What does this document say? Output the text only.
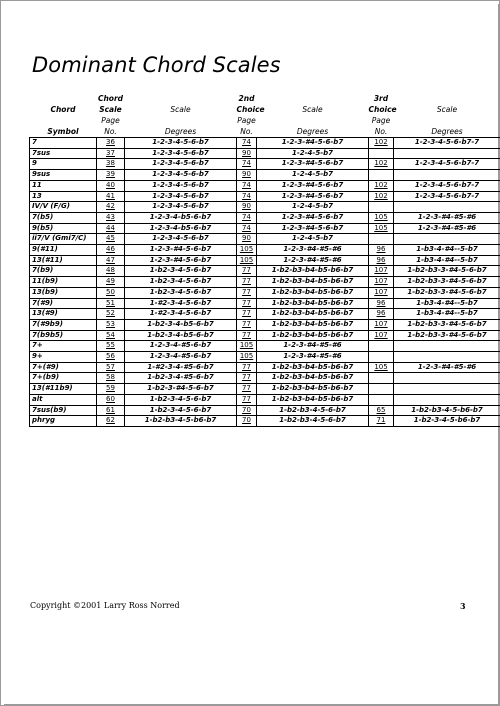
Dominant Chord Scales
	Chord		2nd		3rd	
Chord	Scale	Scale	Choice	Scale	Choice	Scale
Symbol	Page No.	Degrees	Page No.	Degrees	Page No.	Degrees
7	36	1-2-3-4-5-6-b7	74	1-2-3-#4-5-6-b7	102	1-2-3-4-5-6-b7-7
7sus	37	1-2-3-4-5-6-b7	90	1-2-4-5-b7		
9	38	1-2-3-4-5-6-b7	74	1-2-3-#4-5-6-b7	102	1-2-3-4-5-6-b7-7
9sus	39	1-2-3-4-5-6-b7	90	1-2-4-5-b7		
11	40	1-2-3-4-5-6-b7	74	1-2-3-#4-5-6-b7	102	1-2-3-4-5-6-b7-7
13	41	1-2-3-4-5-6-b7	74	1-2-3-#4-5-6-b7	102	1-2-3-4-5-6-b7-7
IV/V (F/G)	42	1-2-3-4-5-6-b7	90	1-2-4-5-b7		
7(b5)	43	1-2-3-4-b5-6-b7	74	1-2-3-#4-5-6-b7	105	1-2-3-#4-#5-#6
9(b5)	44	1-2-3-4-b5-6-b7	74	1-2-3-#4-5-6-b7	105	1-2-3-#4-#5-#6
ii7/V (Gmi7/C)	45	1-2-3-4-5-6-b7	90	1-2-4-5-b7		
9(#11)	46	1-2-3-#4-5-6-b7	105	1-2-3-#4-#5-#6	96	1-b3-4-#4--5-b7
13(#11)	47	1-2-3-#4-5-6-b7	105	1-2-3-#4-#5-#6	96	1-b3-4-#4--5-b7
7(b9)	48	1-b2-3-4-5-6-b7	77	1-b2-b3-b4-b5-b6-b7	107	1-b2-b3-3-#4-5-6-b7
11(b9)	49	1-b2-3-4-5-6-b7	77	1-b2-b3-b4-b5-b6-b7	107	1-b2-b3-3-#4-5-6-b7
13(b9)	50	1-b2-3-4-5-6-b7	77	1-b2-b3-b4-b5-b6-b7	107	1-b2-b3-3-#4-5-6-b7
7(#9)	51	1-#2-3-4-5-6-b7	77	1-b2-b3-b4-b5-b6-b7	96	1-b3-4-#4--5-b7
13(#9)	52	1-#2-3-4-5-6-b7	77	1-b2-b3-b4-b5-b6-b7	96	1-b3-4-#4--5-b7
7(#9b9)	53	1-b2-3-4-b5-6-b7	77	1-b2-b3-b4-b5-b6-b7	107	1-b2-b3-3-#4-5-6-b7
7(b9b5)	54	1-b2-3-4-b5-6-b7	77	1-b2-b3-b4-b5-b6-b7	107	1-b2-b3-3-#4-5-6-b7
7+	55	1-2-3-4-#5-6-b7	105	1-2-3-#4-#5-#6		
9+	56	1-2-3-4-#5-6-b7	105	1-2-3-#4-#5-#6		
7+(#9)	57	1-#2-3-4-#5-6-b7	77	1-b2-b3-b4-b5-b6-b7	105	1-2-3-#4-#5-#6
7+(b9)	58	1-b2-3-4-#5-6-b7	77	1-b2-b3-b4-b5-b6-b7		
13(#11b9)	59	1-b2-3-#4-5-6-b7	77	1-b2-b3-b4-b5-b6-b7		
alt	60	1-b2-3-4-5-6-b7	77	1-b2-b3-b4-b5-b6-b7		
7sus(b9)	61	1-b2-3-4-5-6-b7	70	1-b2-b3-4-5-6-b7	65	1-b2-b3-4-5-b6-b7
phryg	62	1-b2-b3-4-5-b6-b7	70	1-b2-b3-4-5-6-b7	71	1-b2-3-4-5-b6-b7
Copyright ©2001 Larry Ross Norred	3
